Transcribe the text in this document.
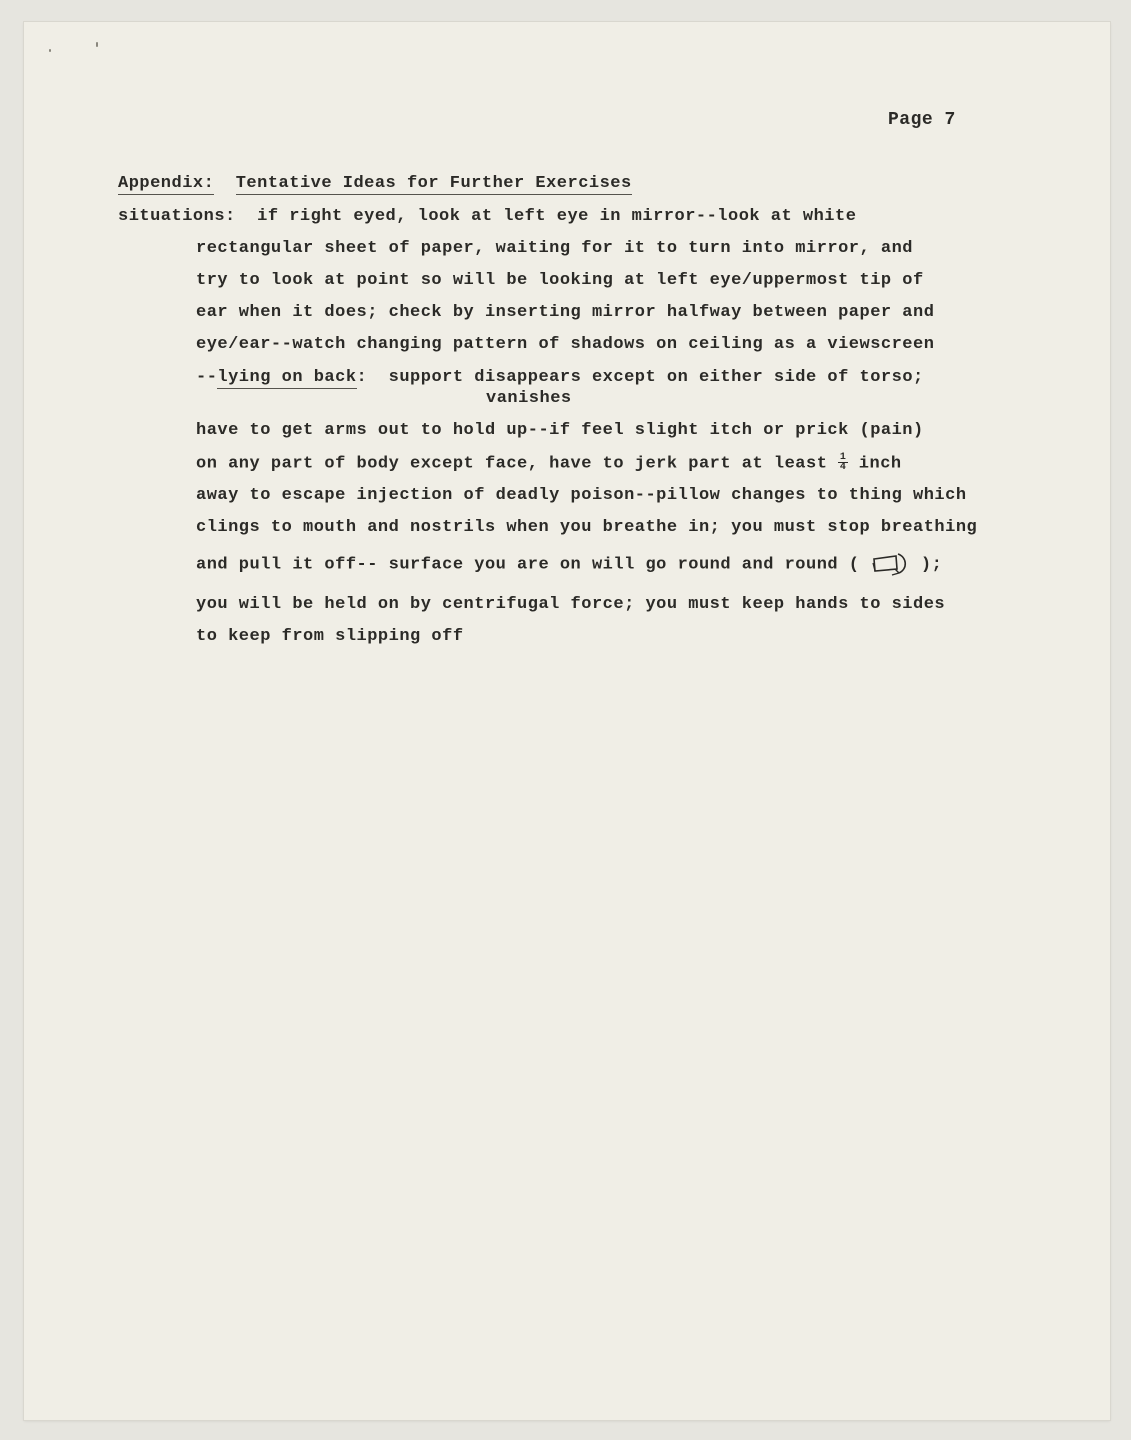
Page 7
Appendix: Tentative Ideas for Further Exercises
situations:  if right eyed, look at left eye in mirror--look at white
rectangular sheet of paper, waiting for it to turn into mirror, and
try to look at point so will be looking at left eye/uppermost tip of
ear when it does; check by inserting mirror halfway between paper and
eye/ear--watch changing pattern of shadows on ceiling as a viewscreen
--lying on back:  support disappears except on either side of torso;
vanishes
have to get arms out to hold up--if feel slight itch or prick (pain)
on any part of body except face, have to jerk part at least $\frac{1}{4}$ inch
away to escape injection of deadly poison--pillow changes to thing which
clings to mouth and nostrils when you breathe in; you must stop breathing
and pull it off-- surface you are on will go round and round (  );
you will be held on by centrifugal force; you must keep hands to sides
to keep from slipping off
